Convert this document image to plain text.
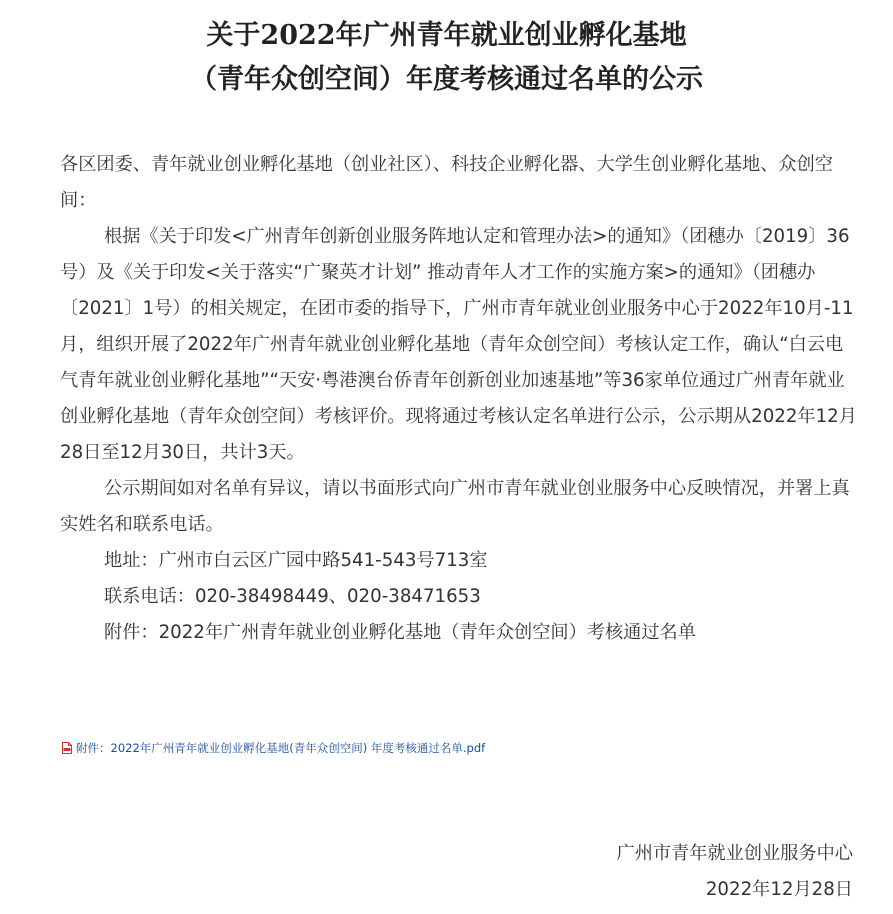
关于2022年广州青年就业创业孵化基地
（青年众创空间）年度考核通过名单的公示

各区团委、青年就业创业孵化基地（创业社区）、科技企业孵化器、大学生创业孵化基地、众创空间：

根据《关于印发<广州青年创新创业服务阵地认定和管理办法>的通知》（团穗办〔2019〕36号）及《关于印发<关于落实“广聚英才计划” 推动青年人才工作的实施方案>的通知》（团穗办〔2021〕1号）的相关规定，在团市委的指导下，广州市青年就业创业服务中心于2022年10月-11月，组织开展了2022年广州青年就业创业孵化基地（青年众创空间）考核认定工作，确认“白云电气青年就业创业孵化基地”“天安·粤港澳台侨青年创新创业加速基地”等36家单位通过广州青年就业创业孵化基地（青年众创空间）考核评价。现将通过考核认定名单进行公示，公示期从2022年12月28日至12月30日，共计3天。

公示期间如对名单有异议，请以书面形式向广州市青年就业创业服务中心反映情况，并署上真实姓名和联系电话。

地址：广州市白云区广园中路541-543号713室

联系电话：020-38498449、020-38471653

附件：2022年广州青年就业创业孵化基地（青年众创空间）考核通过名单

附件：2022年广州青年就业创业孵化基地(青年众创空间) 年度考核通过名单.pdf
广州市青年就业创业服务中心
2022年12月28日
